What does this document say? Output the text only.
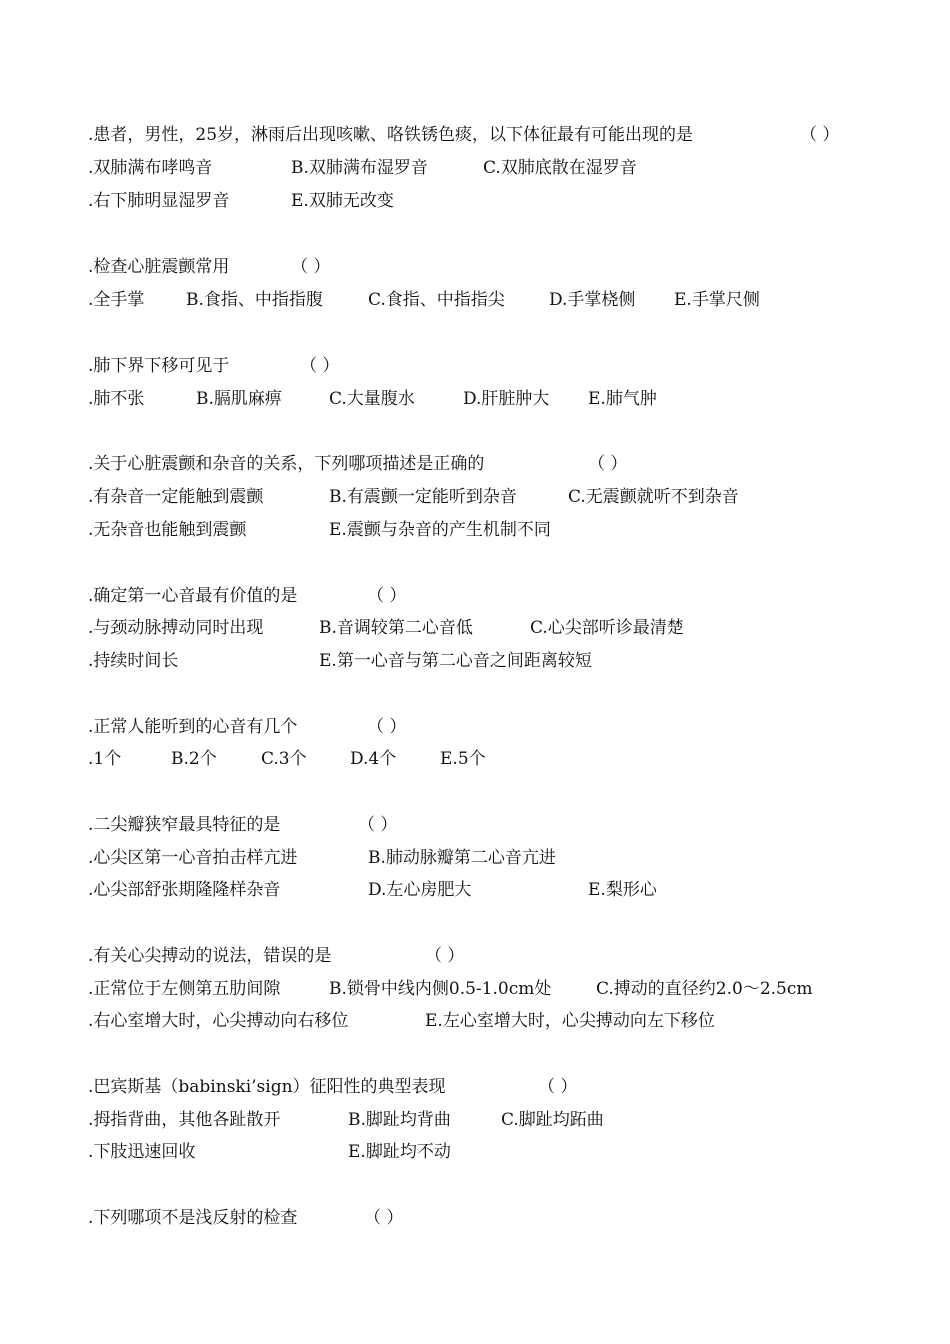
.患者，男性，25岁，淋雨后出现咳嗽、咯铁锈色痰，以下体征最有可能出现的是	（ ）
.双肺满布哮鸣音	B.双肺满布湿罗音	C.双肺底散在湿罗音
.右下肺明显湿罗音	E.双肺无改变
.检查心脏震颤常用	（ ）
.全手掌 B.食指、中指指腹	C.食指、中指指尖	D.手掌桡侧 E.手掌尺侧
.肺下界下移可见于	（ ）
.肺不张	B.膈肌麻痹	C.大量腹水	D.肝脏肿大 E.肺气肿
.关于心脏震颤和杂音的关系，下列哪项描述是正确的	（ ）
.有杂音一定能触到震颤	B.有震颤一定能听到杂音	C.无震颤就听不到杂音
.无杂音也能触到震颤	E.震颤与杂音的产生机制不同
.确定第一心音最有价值的是	（ ）
.与颈动脉搏动同时出现	B.音调较第二心音低	C.心尖部听诊最清楚
.持续时间长	E.第一心音与第二心音之间距离较短
.正常人能听到的心音有几个	（ ）
.1个	B.2个	C.3个	D.4个	E.5个
.二尖瓣狭窄最具特征的是	（ ）
.心尖区第一心音拍击样亢进	B.肺动脉瓣第二心音亢进
.心尖部舒张期隆隆样杂音	D.左心房肥大	E.梨形心
.有关心尖搏动的说法，错误的是	（ ）
.正常位于左侧第五肋间隙	B.锁骨中线内侧0.5-1.0cm处	C.搏动的直径约2.0～2.5cm
.右心室增大时，心尖搏动向右移位	E.左心室增大时，心尖搏动向左下移位
.巴宾斯基（babinski’sign）征阳性的典型表现	（ ）
.拇指背曲，其他各趾散开	B.脚趾均背曲	C.脚趾均跖曲
.下肢迅速回收	E.脚趾均不动
.下列哪项不是浅反射的检查	（ ）
